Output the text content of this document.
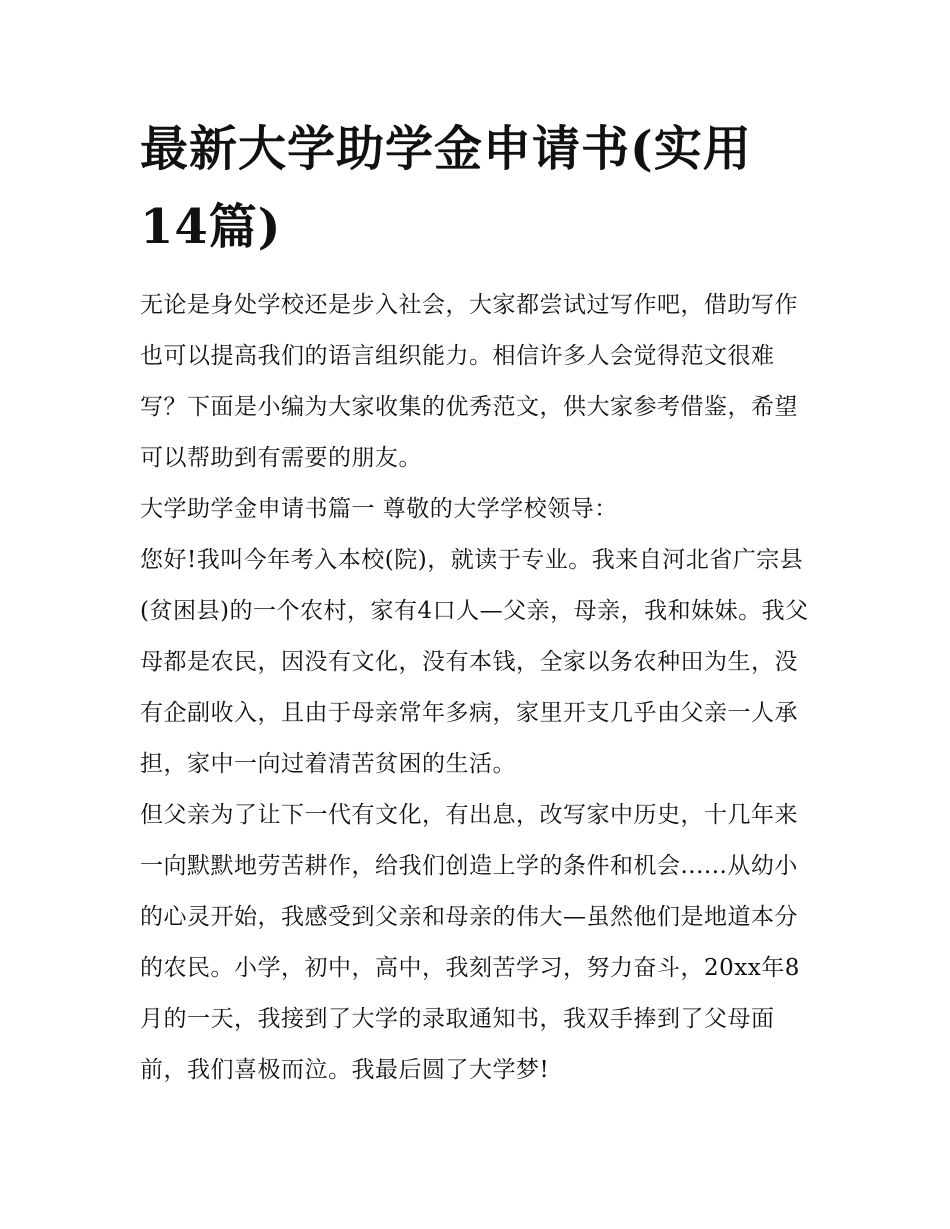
最新大学助学金申请书(实用14篇)

无论是身处学校还是步入社会，大家都尝试过写作吧，借助写作也可以提高我们的语言组织能力。相信许多人会觉得范文很难写？下面是小编为大家收集的优秀范文，供大家参考借鉴，希望可以帮助到有需要的朋友。

大学助学金申请书篇一 尊敬的大学学校领导：

您好!我叫今年考入本校(院)，就读于专业。我来自河北省广宗县(贫困县)的一个农村，家有4口人—父亲，母亲，我和妹妹。我父母都是农民，因没有文化，没有本钱，全家以务农种田为生，没有企副收入，且由于母亲常年多病，家里开支几乎由父亲一人承担，家中一向过着清苦贫困的生活。

但父亲为了让下一代有文化，有出息，改写家中历史，十几年来一向默默地劳苦耕作，给我们创造上学的条件和机会......从幼小的心灵开始，我感受到父亲和母亲的伟大—虽然他们是地道本分的农民。小学，初中，高中，我刻苦学习，努力奋斗，20xx年8月的一天，我接到了大学的录取通知书，我双手捧到了父母面前，我们喜极而泣。我最后圆了大学梦!
